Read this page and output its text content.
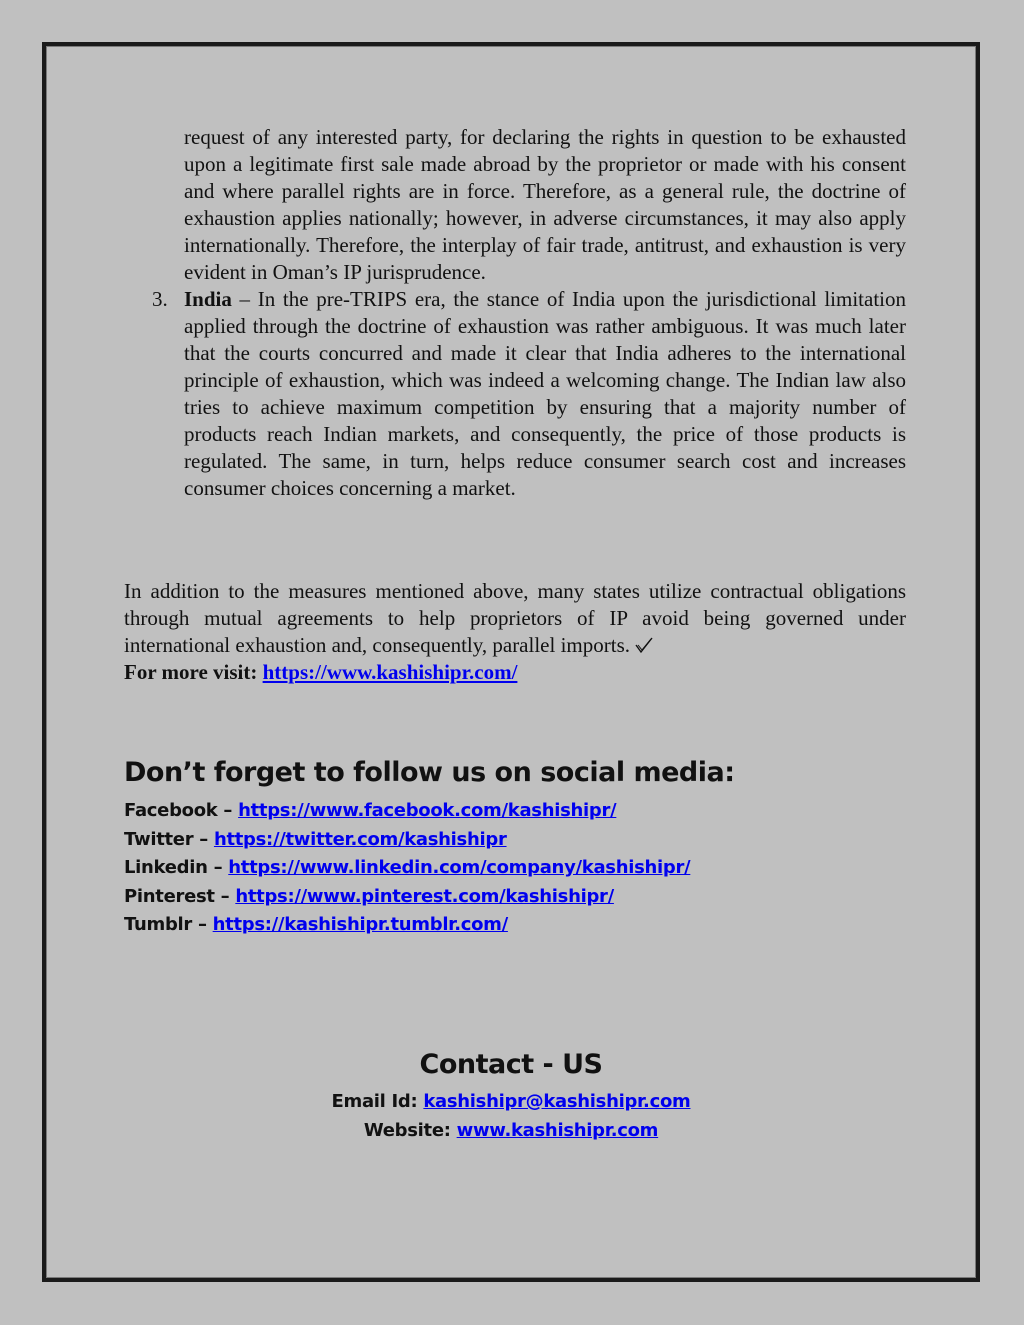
request of any interested party, for declaring the rights in question to be exhausted upon a legitimate first sale made abroad by the proprietor or made with his consent and where parallel rights are in force. Therefore, as a general rule, the doctrine of exhaustion applies nationally; however, in adverse circumstances, it may also apply internationally. Therefore, the interplay of fair trade, antitrust, and exhaustion is very evident in Oman’s IP jurisprudence.

3. India – In the pre-TRIPS era, the stance of India upon the jurisdictional limitation applied through the doctrine of exhaustion was rather ambiguous. It was much later that the courts concurred and made it clear that India adheres to the international principle of exhaustion, which was indeed a welcoming change. The Indian law also tries to achieve maximum competition by ensuring that a majority number of products reach Indian markets, and consequently, the price of those products is regulated. The same, in turn, helps reduce consumer search cost and increases consumer choices concerning a market.

In addition to the measures mentioned above, many states utilize contractual obligations through mutual agreements to help proprietors of IP avoid being governed under international exhaustion and, consequently, parallel imports.

For more visit: https://www.kashishipr.com/

Don’t forget to follow us on social media:
Facebook – https://www.facebook.com/kashishipr/
Twitter – https://twitter.com/kashishipr
Linkedin – https://www.linkedin.com/company/kashishipr/
Pinterest – https://www.pinterest.com/kashishipr/
Tumblr – https://kashishipr.tumblr.com/
Contact - US

Email Id: kashishipr@kashishipr.com

Website: www.kashishipr.com
